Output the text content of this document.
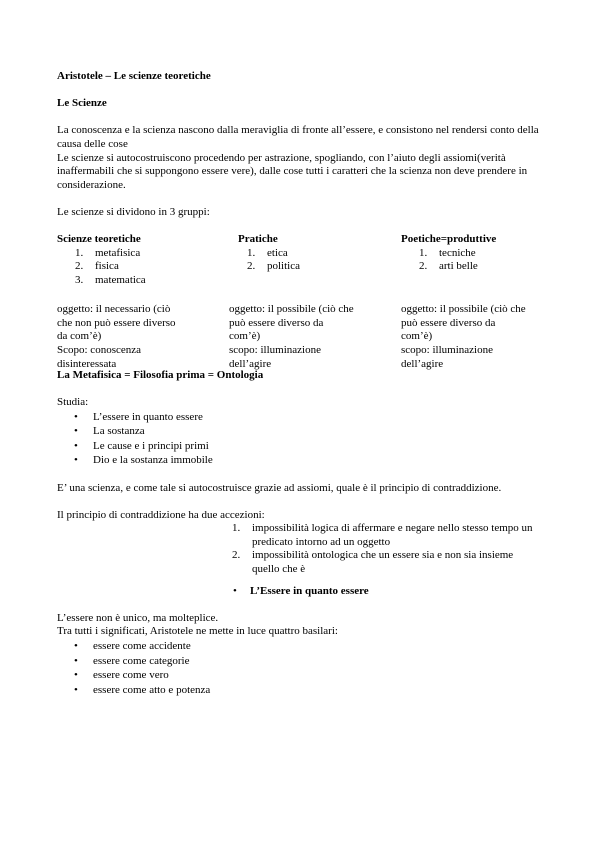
Aristotele – Le scienze teoretiche

Le Scienze

La conoscenza e la scienza nascono dalla meraviglia di fronte all’essere, e consistono nel rendersi conto della causa delle cose

Le scienze si autocostruiscono procedendo per astrazione, spogliando, con l’aiuto degli assiomi(verità inaffermabili che si suppongono essere vere), dalle cose tutti i caratteri che la scienza non deve prendere in considerazione.

Le scienze si dividono in 3 gruppi:

Scienze teoretiche

1. metafisica
2. fisica
3. matematica
oggetto: il necessario (ciò
che non può essere diverso
da com’è)
Scopo: conoscenza
disinteressata

Pratiche

1. etica
2. politica
oggetto: il possibile (ciò che
può essere diverso da
com’è)
scopo: illuminazione
dell’agire

Poetiche=produttive

1. tecniche
2. arti belle
oggetto: il possibile (ciò che
può essere diverso da
com’è)
scopo: illuminazione
dell’agire

La Metafisica = Filosofia prima = Ontologia

Studia:

• L’essere in quanto essere
• La sostanza
• Le cause e i principi primi
• Dio e la sostanza immobile

E’ una scienza, e come tale si autocostruisce grazie ad assiomi, quale è il principio di contraddizione.

Il principio di contraddizione ha due accezioni:

1. impossibilità logica di affermare e negare nello stesso tempo un predicato intorno ad un oggetto
2. impossibilità ontologica che un essere sia e non sia insieme quello che è
• L’Essere in quanto essere

L’essere non è unico, ma molteplice.

Tra tutti i significati, Aristotele ne mette in luce quattro basilari:

• essere come accidente
• essere come categorie
• essere come vero
• essere come atto e potenza
